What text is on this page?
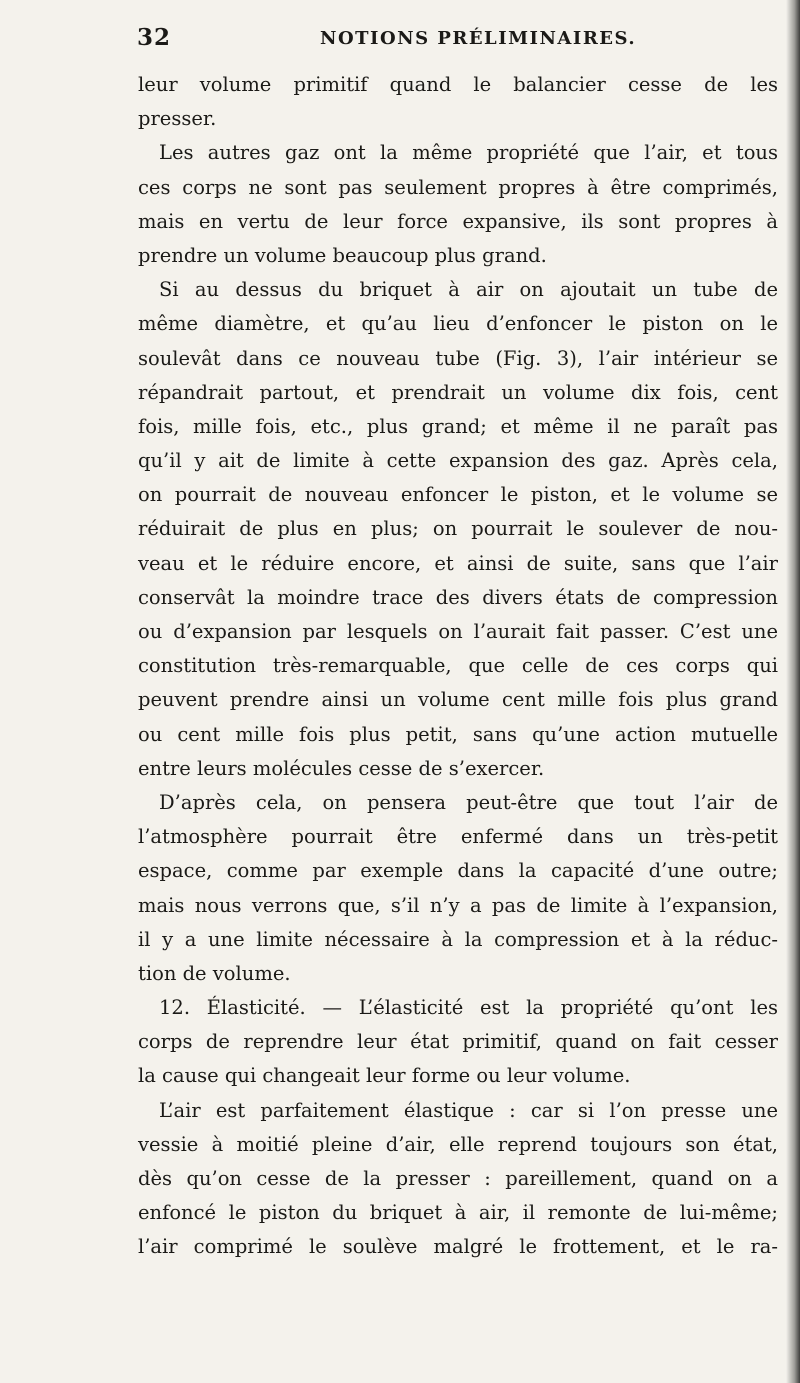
32	NOTIONS PRÉLIMINAIRES.
leur volume primitif quand le balancier cesse de les
presser.
Les autres gaz ont la même propriété que l’air, et tous
ces corps ne sont pas seulement propres à être comprimés,
mais en vertu de leur force expansive, ils sont propres à
prendre un volume beaucoup plus grand.
Si au dessus du briquet à air on ajoutait un tube de
même diamètre, et qu’au lieu d’enfoncer le piston on le
soulevât dans ce nouveau tube (Fig. 3), l’air intérieur se
répandrait partout, et prendrait un volume dix fois, cent
fois, mille fois, etc., plus grand; et même il ne paraît pas
qu’il y ait de limite à cette expansion des gaz. Après cela,
on pourrait de nouveau enfoncer le piston, et le volume se
réduirait de plus en plus; on pourrait le soulever de nou-
veau et le réduire encore, et ainsi de suite, sans que l’air
conservât la moindre trace des divers états de compression
ou d’expansion par lesquels on l’aurait fait passer. C’est une
constitution très-remarquable, que celle de ces corps qui
peuvent prendre ainsi un volume cent mille fois plus grand
ou cent mille fois plus petit, sans qu’une action mutuelle
entre leurs molécules cesse de s’exercer.
D’après cela, on pensera peut-être que tout l’air de
l’atmosphère pourrait être enfermé dans un très-petit
espace, comme par exemple dans la capacité d’une outre;
mais nous verrons que, s’il n’y a pas de limite à l’expansion,
il y a une limite nécessaire à la compression et à la réduc-
tion de volume.
12. Élasticité. — L’élasticité est la propriété qu’ont les
corps de reprendre leur état primitif, quand on fait cesser
la cause qui changeait leur forme ou leur volume.
L’air est parfaitement élastique : car si l’on presse une
vessie à moitié pleine d’air, elle reprend toujours son état,
dès qu’on cesse de la presser : pareillement, quand on a
enfoncé le piston du briquet à air, il remonte de lui-même;
l’air comprimé le soulève malgré le frottement, et le ra-
